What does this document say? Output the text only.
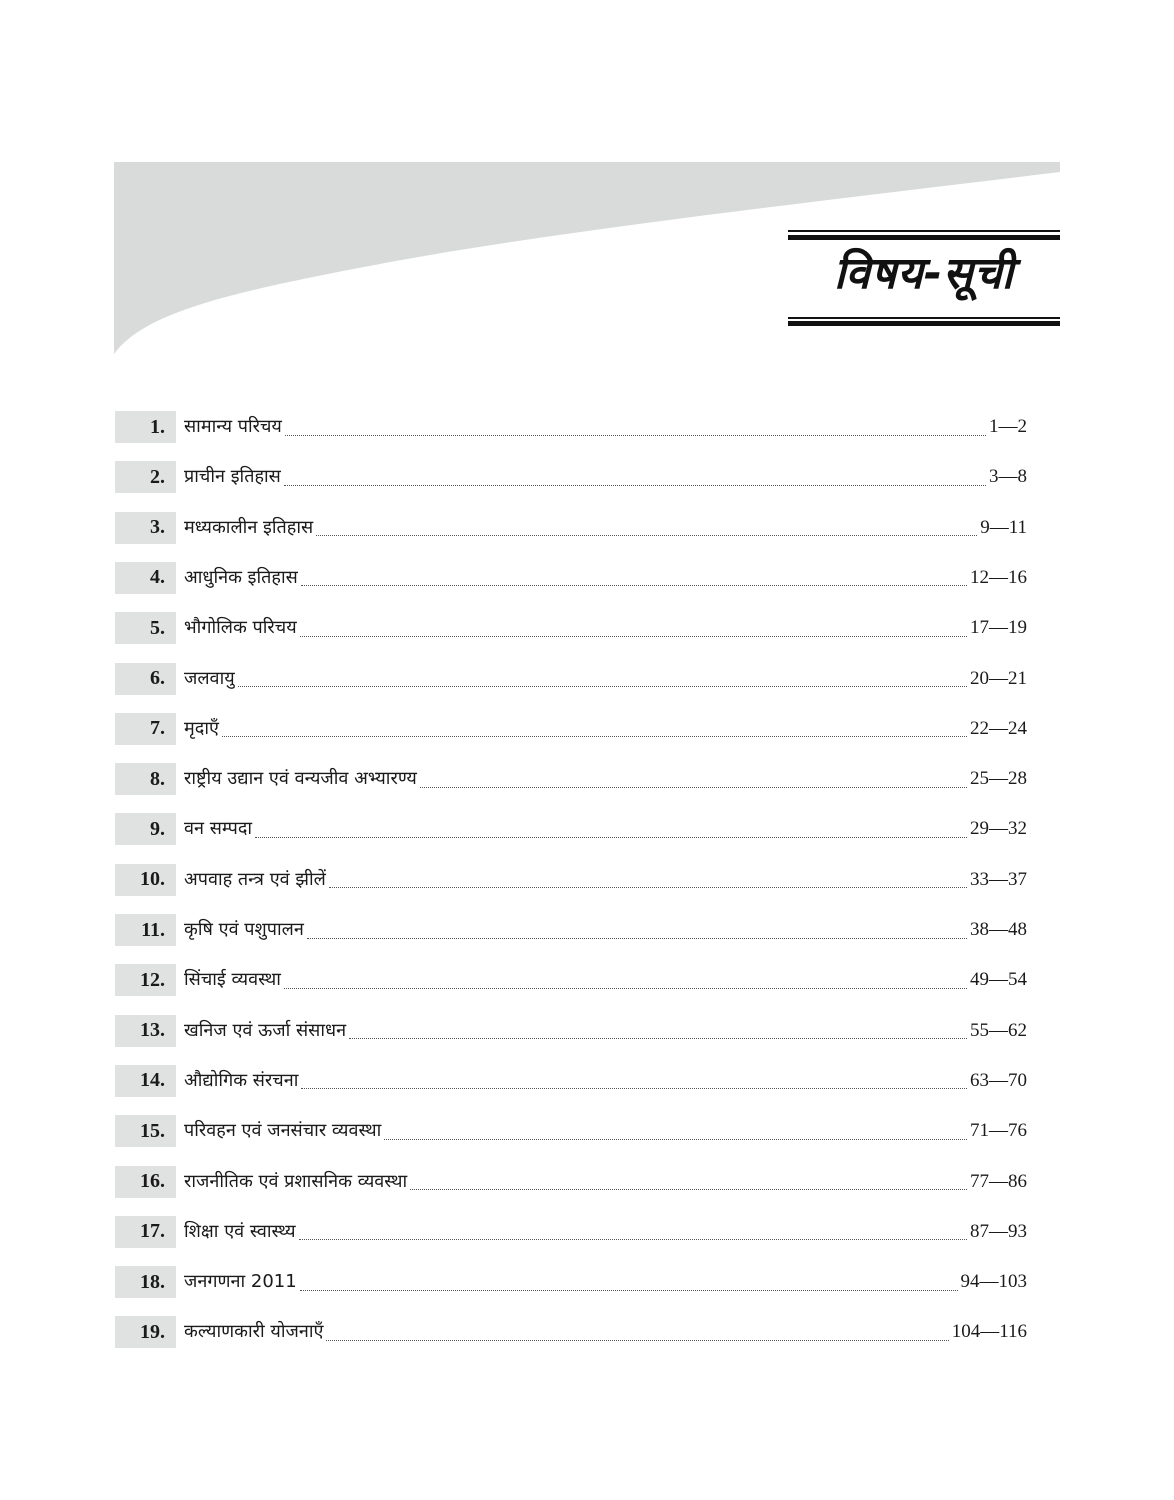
विषय-सूची
1.	सामान्य परिचय	1—2
2.	प्राचीन इतिहास	3—8
3.	मध्यकालीन इतिहास	9—11
4.	आधुनिक इतिहास	12—16
5.	भौगोलिक परिचय	17—19
6.	जलवायु	20—21
7.	मृदाएँ	22—24
8.	राष्ट्रीय उद्यान एवं वन्यजीव अभ्यारण्य	25—28
9.	वन सम्पदा	29—32
10.	अपवाह तन्त्र एवं झीलें	33—37
11.	कृषि एवं पशुपालन	38—48
12.	सिंचाई व्यवस्था	49—54
13.	खनिज एवं ऊर्जा संसाधन	55—62
14.	औद्योगिक संरचना	63—70
15.	परिवहन एवं जनसंचार व्यवस्था	71—76
16.	राजनीतिक एवं प्रशासनिक व्यवस्था	77—86
17.	शिक्षा एवं स्वास्थ्य	87—93
18.	जनगणना 2011	94—103
19.	कल्याणकारी योजनाएँ	104—116
